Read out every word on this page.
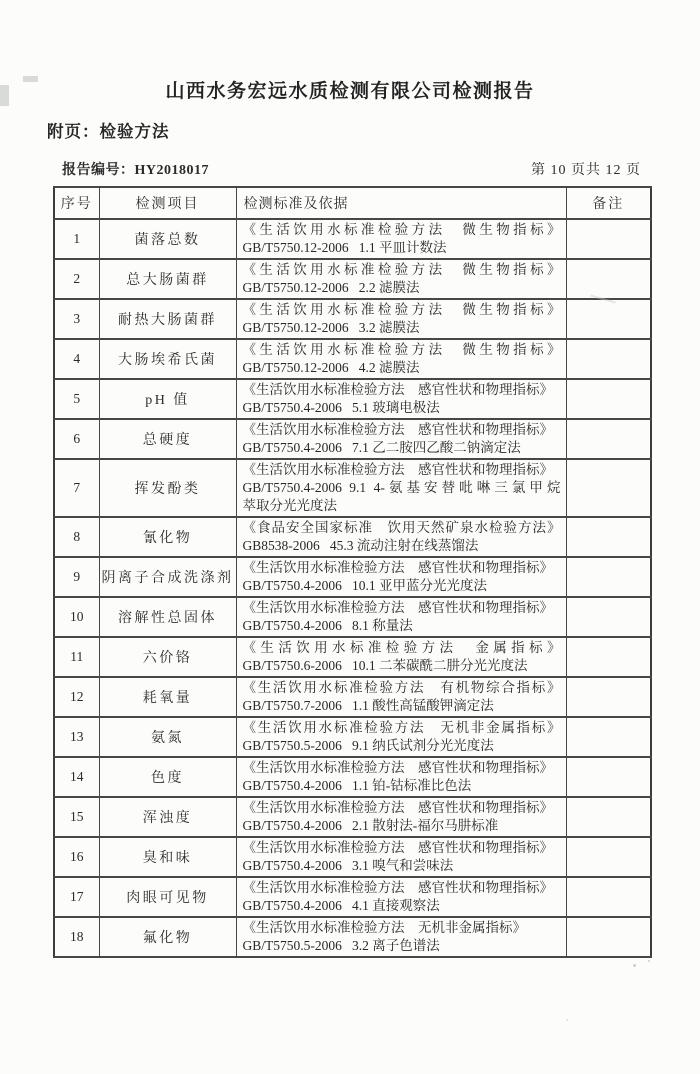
山西水务宏远水质检测有限公司检测报告
附页：检验方法
报告编号：HY2018017	第 10 页共 12 页
序号	检测项目	检测标准及依据	备注
1	菌落总数	《生活饮用水标准检验方法　微生物指标》
GB/T5750.12-2006   1.1 平皿计数法	

2	总大肠菌群	《生活饮用水标准检验方法　微生物指标》
GB/T5750.12-2006   2.2 滤膜法	

3	耐热大肠菌群	《生活饮用水标准检验方法　微生物指标》
GB/T5750.12-2006   3.2 滤膜法	

4	大肠埃希氏菌	《生活饮用水标准检验方法　微生物指标》
GB/T5750.12-2006   4.2 滤膜法	

5	pH 值	《生活饮用水标准检验方法　感官性状和物理指标》
GB/T5750.4-2006   5.1 玻璃电极法	

6	总硬度	《生活饮用水标准检验方法　感官性状和物理指标》
GB/T5750.4-2006   7.1 乙二胺四乙酸二钠滴定法	

7	挥发酚类	《生活饮用水标准检验方法　感官性状和物理指标》
GB/T5750.4-2006 9.1 4-氨基安替吡啉三氯甲烷
萃取分光光度法	

8	氰化物	《食品安全国家标准　饮用天然矿泉水检验方法》
GB8538-2006   45.3 流动注射在线蒸馏法	

9	阴离子合成洗涤剂	《生活饮用水标准检验方法　感官性状和物理指标》
GB/T5750.4-2006   10.1 亚甲蓝分光光度法	

10	溶解性总固体	《生活饮用水标准检验方法　感官性状和物理指标》
GB/T5750.4-2006   8.1 称量法	

11	六价铬	《生活饮用水标准检验方法　金属指标》
GB/T5750.6-2006   10.1 二苯碳酰二肼分光光度法	

12	耗氧量	《生活饮用水标准检验方法　有机物综合指标》
GB/T5750.7-2006   1.1 酸性高锰酸钾滴定法	

13	氨氮	《生活饮用水标准检验方法　无机非金属指标》
GB/T5750.5-2006   9.1 纳氏试剂分光光度法	

14	色度	《生活饮用水标准检验方法　感官性状和物理指标》
GB/T5750.4-2006   1.1 铂-钴标准比色法	

15	浑浊度	《生活饮用水标准检验方法　感官性状和物理指标》
GB/T5750.4-2006   2.1 散射法-福尔马肼标准	

16	臭和味	《生活饮用水标准检验方法　感官性状和物理指标》
GB/T5750.4-2006   3.1 嗅气和尝味法	

17	肉眼可见物	《生活饮用水标准检验方法　感官性状和物理指标》
GB/T5750.4-2006   4.1 直接观察法	

18	氟化物	《生活饮用水标准检验方法　无机非金属指标》
GB/T5750.5-2006   3.2 离子色谱法	
